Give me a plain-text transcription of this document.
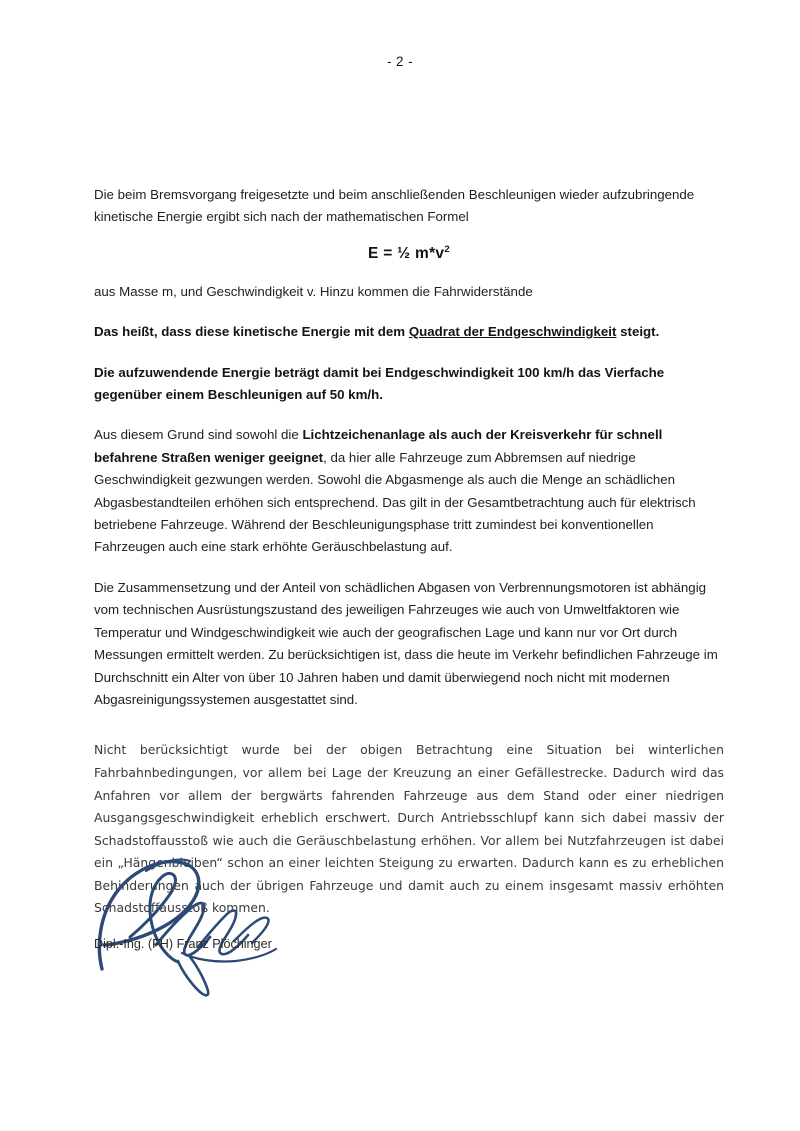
- 2 -

Die beim Bremsvorgang freigesetzte und beim anschließenden Beschleunigen wieder aufzubringende kinetische Energie ergibt sich nach der mathematischen Formel

E = ½ $m*v^2$

aus Masse m, und Geschwindigkeit v. Hinzu kommen die Fahrwiderstände

Das heißt, dass diese kinetische Energie mit dem Quadrat der Endgeschwindigkeit steigt.

Die aufzuwendende Energie beträgt damit bei Endgeschwindigkeit 100 km/h das Vierfache gegenüber einem Beschleunigen auf 50 km/h.

Aus diesem Grund sind sowohl die Lichtzeichenanlage als auch der Kreisverkehr für schnell befahrene Straßen weniger geeignet, da hier alle Fahrzeuge zum Abbremsen auf niedrige Geschwindigkeit gezwungen werden. Sowohl die Abgasmenge als auch die Menge an schädlichen Abgasbestandteilen erhöhen sich entsprechend. Das gilt in der Gesamtbetrachtung auch für elektrisch betriebene Fahrzeuge. Während der Beschleunigungsphase tritt zumindest bei konventionellen Fahrzeugen auch eine stark erhöhte Geräuschbelastung auf.

Die Zusammensetzung und der Anteil von schädlichen Abgasen von Verbrennungsmotoren ist abhängig vom technischen Ausrüstungszustand des jeweiligen Fahrzeuges wie auch von Umweltfaktoren wie Temperatur und Windgeschwindigkeit wie auch der geografischen Lage und kann nur vor Ort durch Messungen ermittelt werden. Zu berücksichtigen ist, dass die heute im Verkehr befindlichen Fahrzeuge im Durchschnitt ein Alter von über 10 Jahren haben und damit überwiegend noch nicht mit modernen Abgasreinigungssystemen ausgestattet sind.

Nicht berücksichtigt wurde bei der obigen Betrachtung eine Situation bei winterlichen Fahrbahnbedingungen, vor allem bei Lage der Kreuzung an einer Gefällestrecke. Dadurch wird das Anfahren vor allem der bergwärts fahrenden Fahrzeuge aus dem Stand oder einer niedrigen Ausgangsgeschwindigkeit erheblich erschwert. Durch Antriebsschlupf kann sich dabei massiv der Schadstoffausstoß wie auch die Geräuschbelastung erhöhen. Vor allem bei Nutzfahrzeugen ist dabei ein „Hängenbleiben“ schon an einer leichten Steigung zu erwarten. Dadurch kann es zu erheblichen Behinderungen auch der übrigen Fahrzeuge und damit auch zu einem insgesamt massiv erhöhten Schadstoffausstoß kommen.

Dipl.-Ing. (FH) Franz Plöchinger
